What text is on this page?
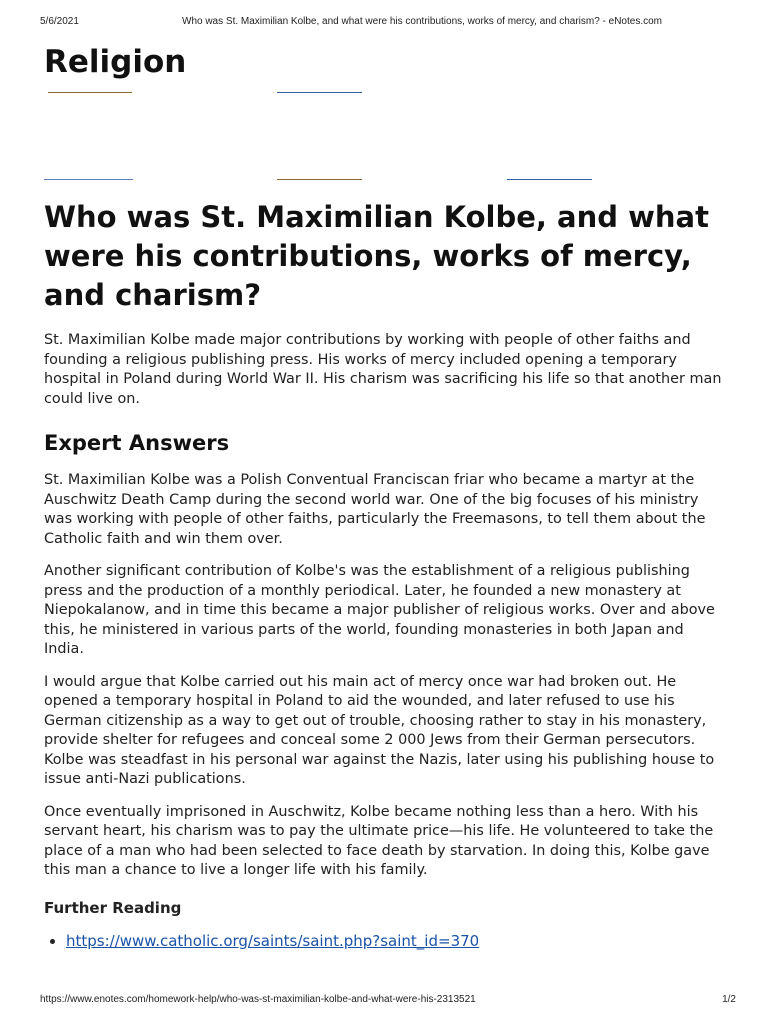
5/6/2021	Who was St. Maximilian Kolbe, and what were his contributions, works of mercy, and charism? - eNotes.com
Religion
Who was St. Maximilian Kolbe, and what were his contributions, works of mercy, and charism?

St. Maximilian Kolbe made major contributions by working with people of other faiths and founding a religious publishing press. His works of mercy included opening a temporary hospital in Poland during World War II. His charism was sacrificing his life so that another man could live on.

Expert Answers

St. Maximilian Kolbe was a Polish Conventual Franciscan friar who became a martyr at the Auschwitz Death Camp during the second world war. One of the big focuses of his ministry was working with people of other faiths, particularly the Freemasons, to tell them about the Catholic faith and win them over.

Another significant contribution of Kolbe's was the establishment of a religious publishing press and the production of a monthly periodical. Later, he founded a new monastery at Niepokalanow, and in time this became a major publisher of religious works. Over and above this, he ministered in various parts of the world, founding monasteries in both Japan and India.

I would argue that Kolbe carried out his main act of mercy once war had broken out. He opened a temporary hospital in Poland to aid the wounded, and later refused to use his German citizenship as a way to get out of trouble, choosing rather to stay in his monastery, provide shelter for refugees and conceal some 2 000 Jews from their German persecutors. Kolbe was steadfast in his personal war against the Nazis, later using his publishing house to issue anti-Nazi publications.

Once eventually imprisoned in Auschwitz, Kolbe became nothing less than a hero. With his servant heart, his charism was to pay the ultimate price—his life. He volunteered to take the place of a man who had been selected to face death by starvation. In doing this, Kolbe gave this man a chance to live a longer life with his family.

Further Reading
• https://www.catholic.org/saints/saint.php?saint_id=370
https://www.enotes.com/homework-help/who-was-st-maximilian-kolbe-and-what-were-his-2313521	1/2
